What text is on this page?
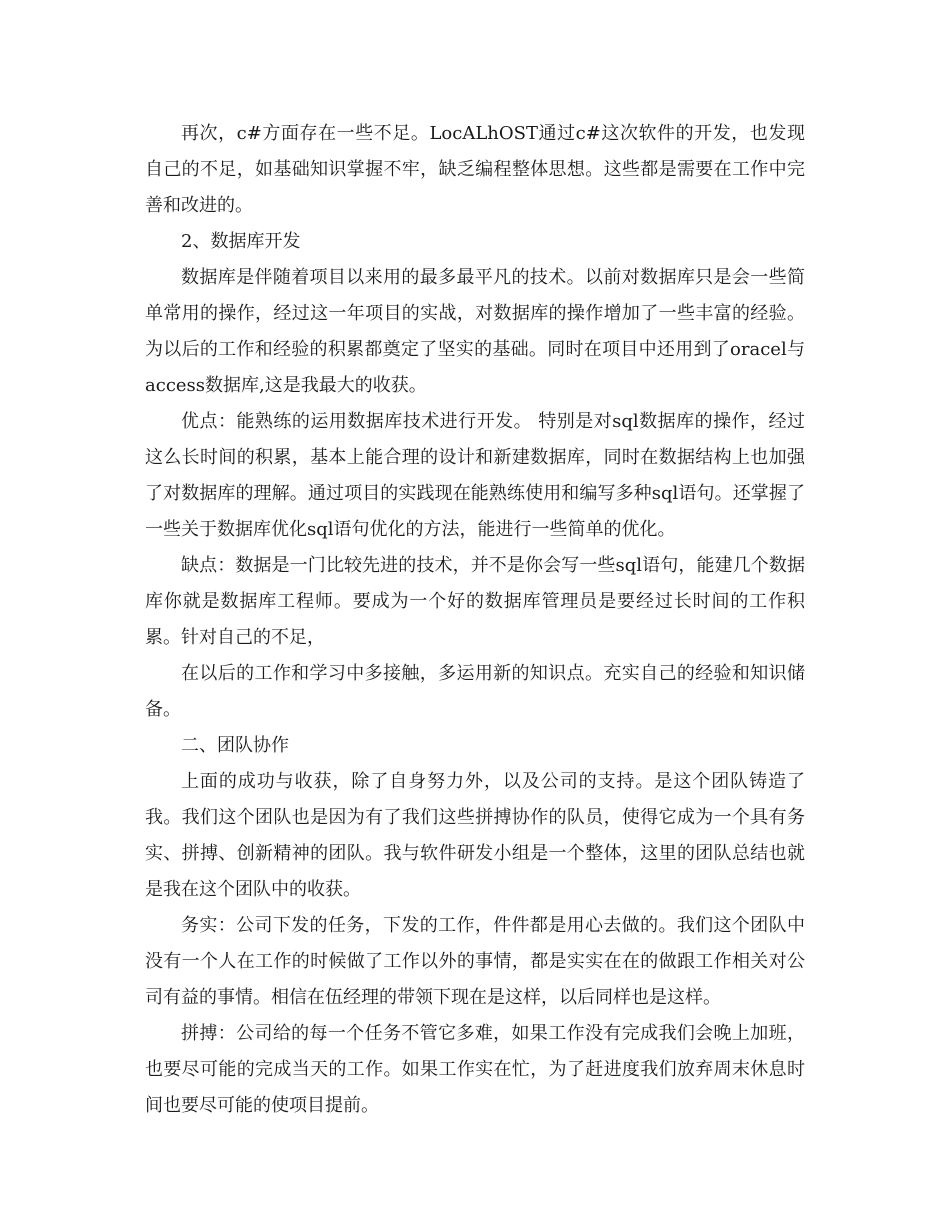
再次，c#方面存在一些不足。LocALhOST通过c#这次软件的开发，也发现自己的不足，如基础知识掌握不牢，缺乏编程整体思想。这些都是需要在工作中完善和改进的。

2、数据库开发

数据库是伴随着项目以来用的最多最平凡的技术。以前对数据库只是会一些简单常用的操作，经过这一年项目的实战，对数据库的操作增加了一些丰富的经验。为以后的工作和经验的积累都奠定了坚实的基础。同时在项目中还用到了oracel与 access数据库,这是我最大的收获。

优点：能熟练的运用数据库技术进行开发。 特别是对sql数据库的操作，经过这么长时间的积累，基本上能合理的设计和新建数据库，同时在数据结构上也加强了对数据库的理解。通过项目的实践现在能熟练使用和编写多种sql语句。还掌握了一些关于数据库优化sql语句优化的方法，能进行一些简单的优化。

缺点：数据是一门比较先进的技术，并不是你会写一些sql语句，能建几个数据库你就是数据库工程师。要成为一个好的数据库管理员是要经过长时间的工作积累。针对自己的不足，

在以后的工作和学习中多接触，多运用新的知识点。充实自己的经验和知识储备。

二、团队协作

上面的成功与收获，除了自身努力外，以及公司的支持。是这个团队铸造了我。我们这个团队也是因为有了我们这些拼搏协作的队员，使得它成为一个具有务实、拼搏、创新精神的团队。我与软件研发小组是一个整体，这里的团队总结也就是我在这个团队中的收获。

务实：公司下发的任务，下发的工作，件件都是用心去做的。我们这个团队中没有一个人在工作的时候做了工作以外的事情，都是实实在在的做跟工作相关对公司有益的事情。相信在伍经理的带领下现在是这样，以后同样也是这样。

拼搏：公司给的每一个任务不管它多难，如果工作没有完成我们会晚上加班，也要尽可能的完成当天的工作。如果工作实在忙，为了赶进度我们放弃周末休息时间也要尽可能的使项目提前。
